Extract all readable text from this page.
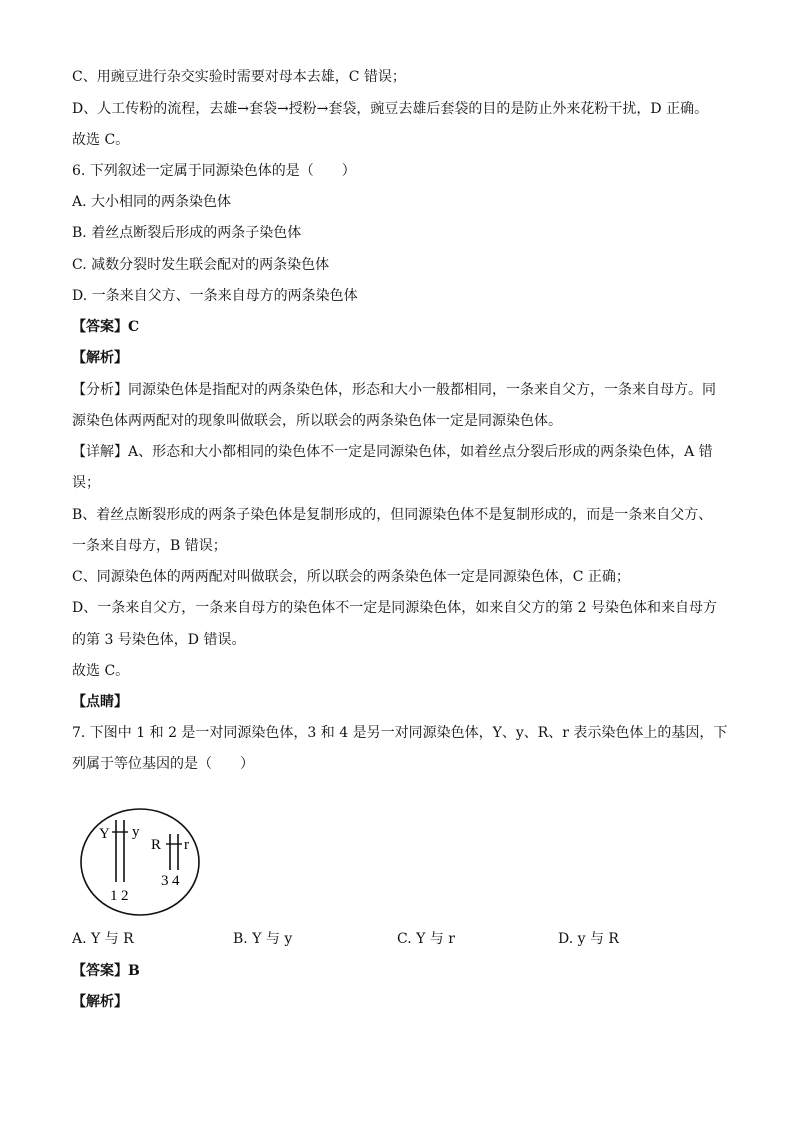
C、用豌豆进行杂交实验时需要对母本去雄，C 错误；
D、人工传粉的流程，去雄→套袋→授粉→套袋，豌豆去雄后套袋的目的是防止外来花粉干扰，D 正确。
故选 C。
6. 下列叙述一定属于同源染色体的是（　　）
A. 大小相同的两条染色体
B. 着丝点断裂后形成的两条子染色体
C. 减数分裂时发生联会配对的两条染色体
D. 一条来自父方、一条来自母方的两条染色体
【答案】C
【解析】
【分析】同源染色体是指配对的两条染色体，形态和大小一般都相同，一条来自父方，一条来自母方。同
源染色体两两配对的现象叫做联会，所以联会的两条染色体一定是同源染色体。
【详解】A、形态和大小都相同的染色体不一定是同源染色体，如着丝点分裂后形成的两条染色体，A 错
误；
B、着丝点断裂形成的两条子染色体是复制形成的，但同源染色体不是复制形成的，而是一条来自父方、
一条来自母方，B 错误；
C、同源染色体的两两配对叫做联会，所以联会的两条染色体一定是同源染色体，C 正确；
D、一条来自父方，一条来自母方的染色体不一定是同源染色体，如来自父方的第 2 号染色体和来自母方
的第 3 号染色体，D 错误。
故选 C。
【点睛】
7. 下图中 1 和 2 是一对同源染色体，3 和 4 是另一对同源染色体，Y、y、R、r 表示染色体上的基因，下
列属于等位基因的是（　　）
Y y
R r
1 2
3 4
A. Y 与 R	B. Y 与 y	C. Y 与 r	D. y 与 R
【答案】B
【解析】
